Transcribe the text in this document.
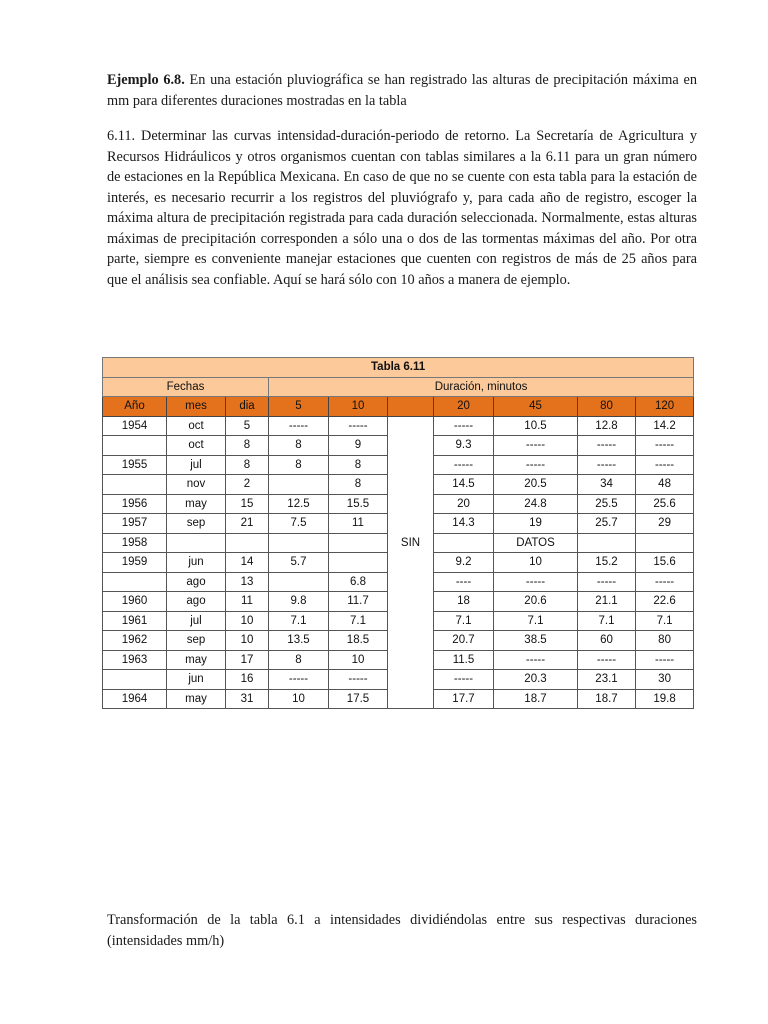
Ejemplo 6.8. En una estación pluviográfica se han registrado las alturas de precipitación máxima en mm para diferentes duraciones mostradas en la tabla

6.11. Determinar las curvas intensidad-duración-periodo de retorno. La Secretaría de Agricultura y Recursos Hidráulicos y otros organismos cuentan con tablas similares a la 6.11 para un gran número de estaciones en la República Mexicana. En caso de que no se cuente con esta tabla para la estación de interés, es necesario recurrir a los registros del pluviógrafo y, para cada año de registro, escoger la máxima altura de precipitación registrada para cada duración seleccionada. Normalmente, estas alturas máximas de precipitación corresponden a sólo una o dos de las tormentas máximas del año. Por otra parte, siempre es conveniente manejar estaciones que cuenten con registros de más de 25 años para que el análisis sea confiable. Aquí se hará sólo con 10 años a manera de ejemplo.

Tabla 6.11									
Fechas			Duración, minutos						
Año	mes	dia	5	10		20	45	80	120
1954	oct	5	-----	-----		-----	10.5	12.8	14.2
	oct	8	8	9		9.3	-----	-----	-----
1955	jul	8	8	8		-----	-----	-----	-----
	nov	2		8		14.5	20.5	34	48
1956	may	15	12.5	15.5		20	24.8	25.5	25.6
1957	sep	21	7.5	11		14.3	19	25.7	29
1958					SIN		DATOS		
1959	jun	14	5.7			9.2	10	15.2	15.6
	ago	13		6.8		----	-----	-----	-----
1960	ago	11	9.8	11.7		18	20.6	21.1	22.6
1961	jul	10	7.1	7.1		7.1	7.1	7.1	7.1
1962	sep	10	13.5	18.5		20.7	38.5	60	80
1963	may	17	8	10		11.5	-----	-----	-----
	jun	16	-----	-----		-----	20.3	23.1	30
1964	may	31	10	17.5		17.7	18.7	18.7	19.8

Transformación de la tabla 6.1 a intensidades dividiéndolas entre sus respectivas duraciones (intensidades mm/h)
